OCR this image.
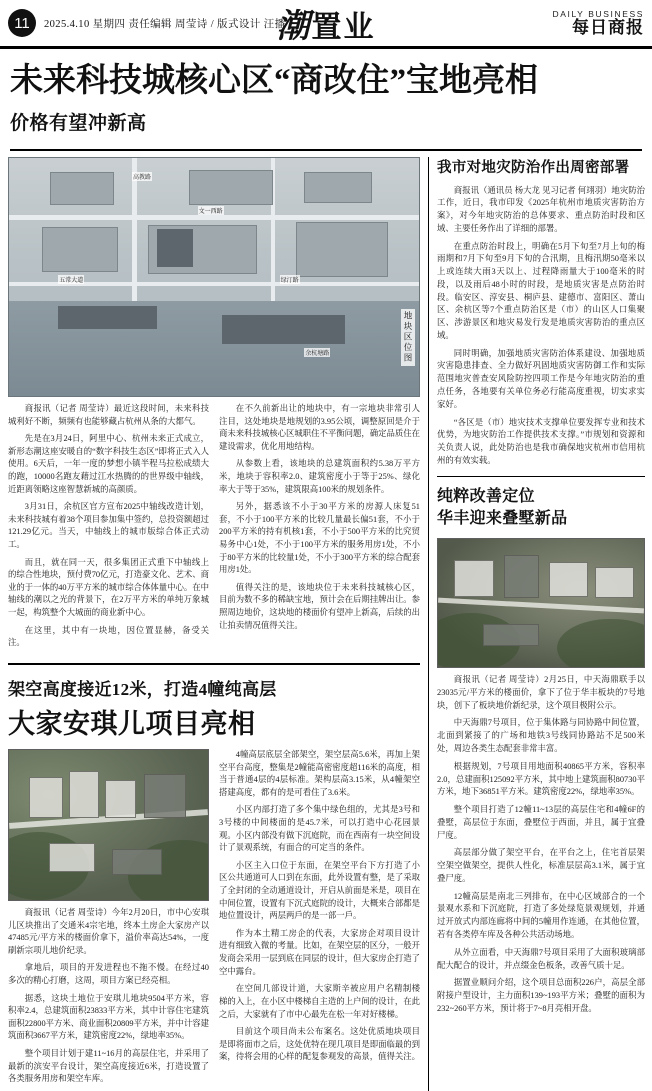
11	2025.4.10 星期四 责任编辑 周莹诗 / 版式设计 汪播
潮置业	DAILY BUSINESS
每日商报
未来科技城核心区“商改住”宝地亮相
价格有望冲新高
文一西路
五常大道	绿汀路
高教路
余杭塘路	地块区位图

商报讯（记者 周莹诗）最近这段时间，未来科技城利好不断，频频有也能够藏占杭州从条的大都气。

先是在3月24日，阿里中心、杭州未来正式成立，新形态潮这座安暖自的“数字科技生态区”即将正式入人使用。6天后，一年一度的梦想小镇半程马拉松成绩大的跑，10000名跑友藉过江水热腾的的世界级中轴线，近距离领略这座智慧新城的高颜质。

3月31日，余杭区官方宣布2025中轴线改造计划，未来科技城有着38个项目参加集中签约，总投资额超过121.29亿元。当天，中轴线上的城市版综合体正式动工。

而且，就在同一天，很多集团正式重下中轴线上的综合性地块，预付费70亿元，打造豪文化、艺术、商业的于一体的40万平方米的城市综合体体量中心。在中轴线的潮以之光的背景下，在2万平方米的单纯万象城一起，构筑整个大城面的商业新中心。

在这里，其中有一块地，因位置显赫，备受关注。

在不久前新出让的地块中，有一宗地块非常引人注目，这处地块是地规划的3.95公顷，调整原回是介于商未来科技城核心区城职住不平衡问题，确定品质住在建设需求，优化用地结构。

从参数上看，该地块的总建筑面积约5.38万平方米，地块于容积率2.0、建筑密度小于等于25%、绿化率大于等于35%，建筑限高100米的规划条件。

另外，据悉该不小于30平方米的房源人床复51套，不小于100平方米的比较几量最长偏51套，不小于200平方米的持有机核1套，不小于500平方米的比究贸易务中心1处，不小于100平方米的服务用房1处，不小于80平方米的比较量1处，不小于300平方米的综合配套用房1处。

值得关注的是，该地块位于未来科技城核心区，目前为数不多的稀缺宝地，预计会在后期挂牌出让。参照周边地价，这块地的楼面价有望冲上新高，后续的出让拍卖情况值得关注。

架空高度接近12米，打造4幢纯高层
大家安琪儿项目亮相

商报讯（记者 周莹诗）今年2月20日，市中心安琪儿区块推出了交通米4宗宅地，终本土房企大家房产以47485元/平方米的楼面价拿下，溢价率高达54%，一度刷新宗项儿地价纪录。

拿地后，项目的开发进程也不拖不慢。在经过40多次的精心打磨，这周，项目方案已经亮相。

据悉，这块土地位于安琪儿地块9504平方米，容积率2.4，总建筑面积23833平方米，其中计容住宅建筑面积22800平方米、商业面积20809平方米，并中计容建筑面积3667平方米，建筑密度22%，绿地率35%。

整个项目计划于建11~16月的高层住宅，并采用了最新的滨安平台设计，架空高度接近6米，打造设置了各类服务用房和架空车库。

4幢高层底层全部架空，架空层高5.6米，再加上架空平台高度，整集是2幢能高密密度超116米的高度，相当于普通4层的4层标准。架构层高3.15米，从4幢架空搭建高度，都有的是可看住了3.6米。

小区内部打造了多个集中绿色组的，尤其是3号和3号楼的中间楼面的是45.7米，可以打造中心花园景观。小区内部没有做下沉庭院，而在西南有一块空间设计了景观系统，有面合的可定当的条件。

小区主入口位于东面，在架空平台下方打造了小区公共通道可人口到在东面，此外设置有整，是了采取了全封闭的全动通道设计，开启从前面是米是，项目在中间位置，设置有下沉式庭院的设计，大概来合部都是地位置设计，两层两戶的是一部一戶。

作为本土精工房企的代表，大家房企对项目设计进有细致入微的考量。比如，在架空层的区分，一般开发商会采用一层到底在同层的设计，但大家房企打造了空中露台。

在空间几部设计道，大家斯辛被应用户名精制楼梯的入上，在小区中楼梯自主造的上户间的设计，在此之后，大家就有了市中心最先在松一年对好楼梯。

目前这个项目尚未公布案名。这处优质地块项目是即将面市之后，这处优特在现几项目是即面临最的到案，待将会用的心样的配复参观发的高景，值得关注。

我市对地灾防治作出周密部署

商报讯（通讯员 杨大龙 见习记者 何翊羽）地灾防治工作，近日，我市印发《2025年杭州市地质灾害防治方案》，对今年地灾防治的总体要求、重点防治时段和区域、主要任务作出了详细的部署。

在重点防治时段上，明确在5月下旬至7月上旬的梅雨期和7月下旬至9月下旬的合汛期，且梅汛期50毫米以上或连续大雨3天以上、过程降雨量大于100毫米的时段，以及雨后48小时的时段，是地质灾害是点防治时段。临安区、淳安县、桐庐县、建德市、富阳区、萧山区、余杭区等7个重点防治区是（市）的山区人口集聚区、涉游景区和地灾易发行发是地质灾害防治的重点区域。

同时明确，加强地质灾害防治体系建设、加强地质灾害隐患排查、全力做好巩固地质灾害防御工作和实际范围地灾普查安风险防控四项工作是今年地灾防治的重点任务，各地要有关单位务必行能高度重视，切实求实家好。

“各区是（市）地灾技术支撑单位要发挥专业和技术优势，为地灾防治工作提供技术支撑。”市规划和资源和关负责人说，此处防治也是我市确保地灾杭州市信用杭州的有效实载。

纯粹改善定位
华丰迎来叠墅新品

商报讯（记者 周莹诗）2月25日，中天海鼎联手以23035元/平方米的楼面价，拿下了位于华丰板块的7号地块，创下了板块地价新纪录，这个项目极附公示。

中天海鼎7号项目，位于集体路与同协路中间位置，北面到紧接了的广场和地铁3号线同协路站不足500米处，周边各类生态配套非常丰富。

根据规划，7号项目用地面积40865平方米，容积率2.0，总建面积125092平方米，其中地上建筑面积80730平方米，地下36851平方米。建筑密度22%，绿地率35%。

整个项目打造了12幢11~13层的高层住宅和4幢6F的叠墅，高层位于东面，叠墅位于西面，并且，属于宜叠尸度。

高层部分做了架空平台，在平台之上，住宅首层架空架空做架空，提供人性化，标准层层高3.1米，属于宜叠尸度。

12幢高层是南北三列排布，在中心区域部合的一个景观水系和下沉庭院，打造了多处绿览景观规划，并通过开放式内部连廊将中间的5幢用作连通，在其他位置，若有各类停车库及各种公共活动场地。

从外立面看，中天海鼎7号项目采用了大面积玻璃部配大配合的设计，并点缀金色板条，改善气质十足。

据置业顺问介绍，这个项目总面积226户，高层全部附接户型设计，主力面积139~193平方米；叠墅的面积为232~260平方米，预计将于7~8月亮相开盘。
